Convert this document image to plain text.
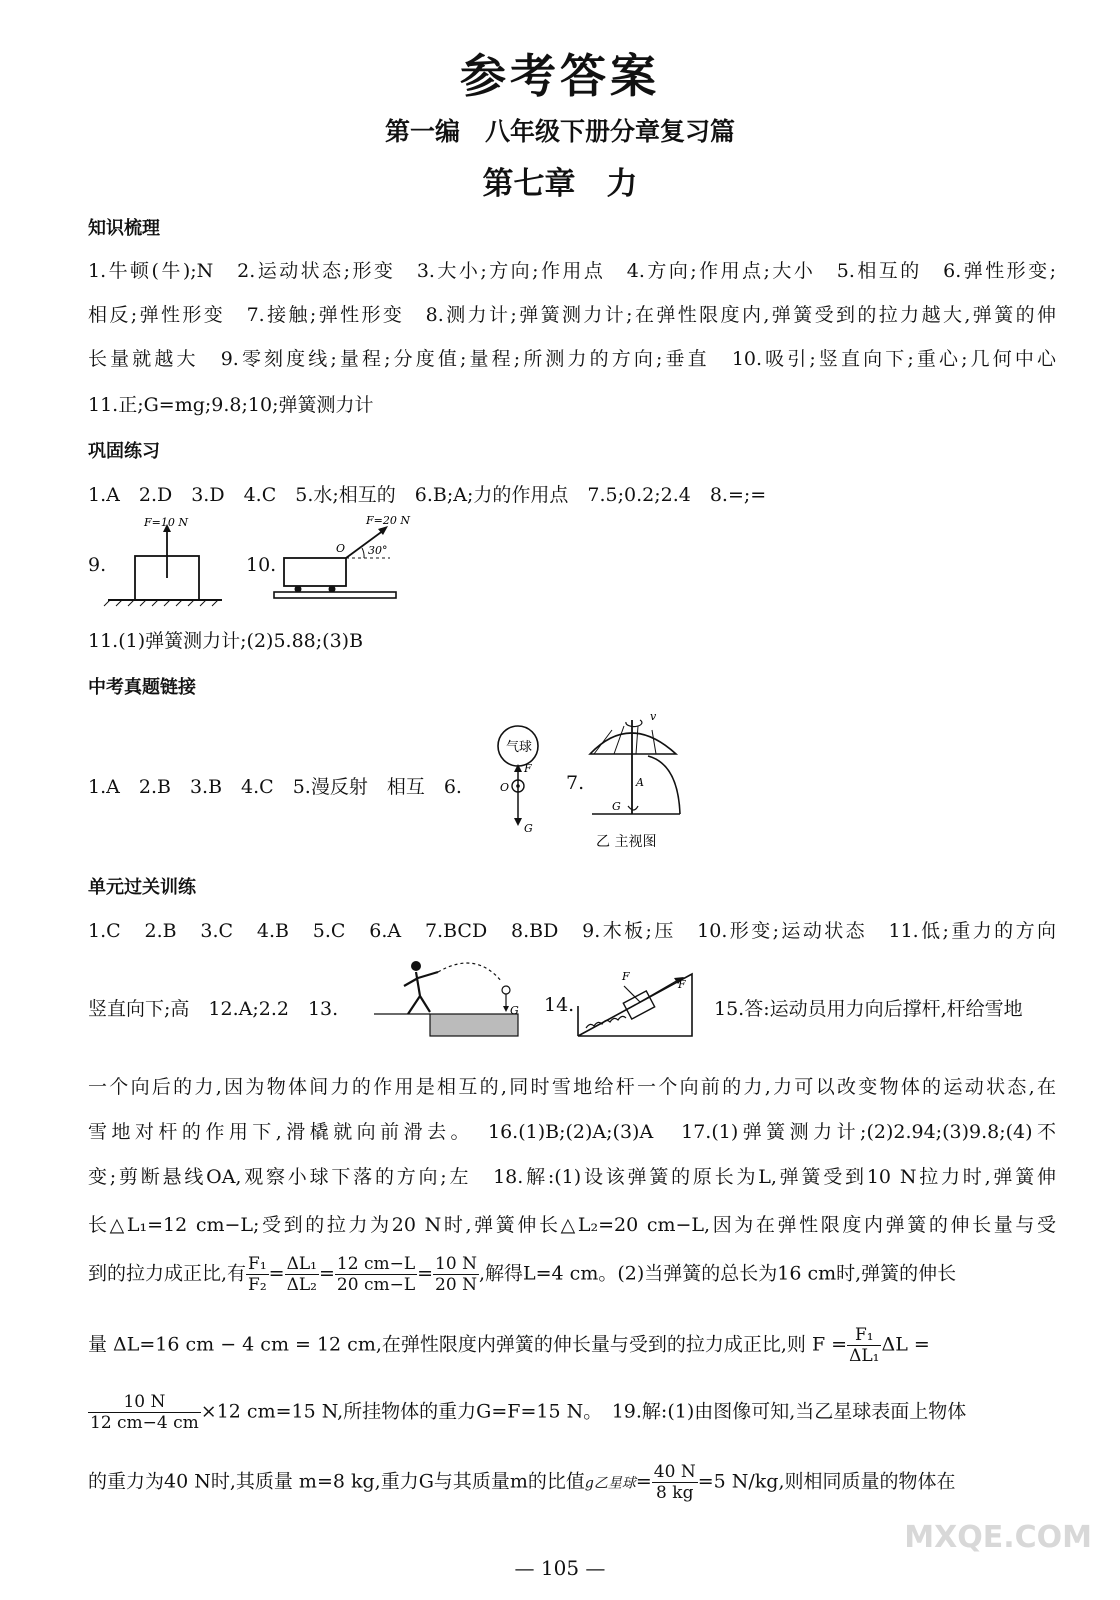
参考答案
第一编　八年级下册分章复习篇
第七章　力
知识梳理
1.牛顿(牛);N　2.运动状态;形变　3.大小;方向;作用点　4.方向;作用点;大小　5.相互的　6.弹性形变;
相反;弹性形变　7.接触;弹性形变　8.测力计;弹簧测力计;在弹性限度内,弹簧受到的拉力越大,弹簧的伸
长量就越大　9.零刻度线;量程;分度值;量程;所测力的方向;垂直　10.吸引;竖直向下;重心;几何中心
11.正;G=mg;9.8;10;弹簧测力计
巩固练习
1.A　2.D　3.D　4.C　5.水;相互的　6.B;A;力的作用点　7.5;0.2;2.4　8.=;=
9.
F=10 N
10.
O
F=20 N
30°
11.(1)弹簧测力计;(2)5.88;(3)B
中考真题链接
1.A　2.B　3.B　4.C　5.漫反射　相互　6.
气球
F
O
G
7.
v
A
G
乙 主视图
单元过关训练
1.C　2.B　3.C　4.B　5.C　6.A　7.BCD　8.BD　9.木板;压　10.形变;运动状态　11.低;重力的方向
竖直向下;高　12.A;2.2　13.	G 14.
F
F
15.答:运动员用力向后撑杆,杆给雪地
一个向后的力,因为物体间力的作用是相互的,同时雪地给杆一个向前的力,力可以改变物体的运动状态,在
雪地对杆的作用下,滑橇就向前滑去。　16.(1)B;(2)A;(3)A　17.(1)弹簧测力计;(2)2.94;(3)9.8;(4)不
变;剪断悬线OA,观察小球下落的方向;左　18.解:(1)设该弹簧的原长为L,弹簧受到10 N拉力时,弹簧伸
长△L₁=12 cm−L;受到的拉力为20 N时,弹簧伸长△L₂=20 cm−L,因为在弹性限度内弹簧的伸长量与受
到的拉力成正比,有 $\frac{\text{F₁}}{\text{F₂}} = \frac{\text{ΔL₁}}{\text{ΔL₂}} = \frac{12 cm-L}{20 cm-L} = \frac{10 N}{20 N}$ ,解得L=4 cm。(2)当弹簧的总长为16 cm时,弹簧的伸长
量 ΔL=16 cm − 4 cm = 12 cm,在弹性限度内弹簧的伸长量与受到的拉力成正比,则 $F = \frac{\text{F₁}}{\text{ΔL₁}}$ ΔL =
$\frac{10 N}{12 cm-4 cm} \times 12$ cm=15 N,所挂物体的重力G=F=15 N。　19.解:(1)由图像可知,当乙星球表面上物体
的重力为40 N时,其质量 m=8 kg,重力G与其质量m的比值g乙星球= $\frac{40 N}{8 kg} =5$ N/kg,则相同质量的物体在
— 105 —
MXQE.COM
